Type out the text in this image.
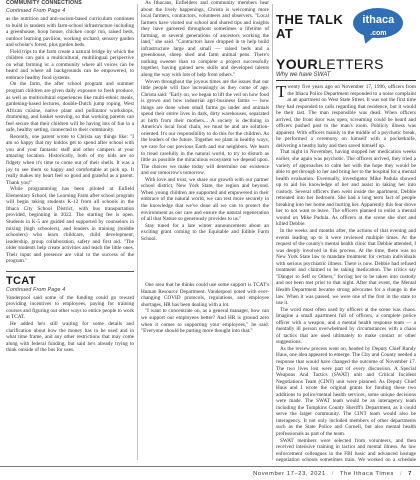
COMMUNITY CONNECTIONS
Continued From Page 4

as the nutrition and anti-racism-based curriculum continues to build in tandem with farm-school infrastructure including a greenhouse, hoop house, chicken coop/ run, raised beds, outdoor learning pavilion, working orchard, sensory garden and scholar's forest, plus garden beds.

Field trips to the farm create a natural bridge by which the children can gain a multicultural, multilingual perspective on what farming is: a community where all voices can be heard and where all backgrounds can be empowered, to embrace healthy food systems.

On the farm, the after school program and summer program children are given daily exposure to fresh produce, as well as multicultural experiences like multi-ethnic meals, gardening-based lectures, double-Dutch jump roping, West African cuisine, native plant and pollinator workshops, drumming, and basket weaving, so that working parents can feel secure that their children will be having lots of fun in a safe, healthy setting, connected to their community.

Recently, one parent wrote to Christa say things like: "I am so happy that my kiddos get to spend after school with you and your fantastic staff and other campers at your amazing location. Historically, both of my kids are so fidgety when it's time to come out of their shells. It was a joy to see them so happy and comfortable at pick up. It really makes my heart feel so good and grateful as a parent. Thank you!"

While programming has been piloted at Enfield Elementary School, the Learning Farm after school program will begin taking students K-12 from all schools in the Ithaca City School District, with bus transportation provided, beginning in 2022. The starting fee is open. Students in K-5 are guided and supported by counselors in mixing (high schoolers), and leaders in training (middle schoolers) who learn childcare, child development, leadership, group collaboration, safety and first aid. "The older students help create activities and teach the little ones. Their input and presence are vital to the success of the program."

TCAT
Continued From Page 4

Vanderpool said some of the funding could go toward providing incentives to employees, paying for training courses and figuring out other ways to entice people to work at TCAT.

He added he's still waiting for some details and clarification about how the money has to be used and in what time frame, and any other restrictions that may come along with federal funding, but said he's already trying to think outside of the bus for uses.

As Ithacans, Enfielders and community members hear about the lively happenings, Christa is welcoming more local farmers, contractors, volunteers and observers. "Local farmers have visited our school and shared tips and insights they have garnered throughout sometimes a lifetime of farming, or several generations of ancestors working the land," she said. "Contractors have dropped in to help build infrastructure large and small — raised beds and a greenhouse, sheep shed and farm animal pens. There's nothing sweeter than to complete a project successfully together, having gained new skills and developed talents along the way with lots of help from others."

Woven throughout the joyous times are the issues that our little people will face increasingly as they come of age. Christa said: "Early on, we began to lift the veil on how food is grown and how industrial agri-business farms — how things are done when small farms go under and animals spend their entire lives in dark, dirty warehouses, separated at birth from their mothers... A society is declining in America's local food chain, we must be and are solution-oriented. It's our responsibility to do this for the children. As the leaders of the future. Together we plant in healthy ways, we care for our precious Earth and our neighbors. We learn to tread carefully in the natural world, to try to disturb as little as possible the miraculous ecosystem we depend upon. The choices we make today will determine our existence and our tomorrow's tomorrow.

With love and trust, we share our growth with our partner school district, New York State, the region and beyond. When young children are supported and empowered in their embrace of the natural world, we can rest more securely in the knowledge that we've done all we can to protect the environment as our care and ensure the natural regeneration of all that Nature so generously provides to us."

Stay tuned for a late winter announcement about an exciting grant coming to the Equitable and Edible Farm School.

One area that he thinks could use some support is TCAT's Human Resource Department. Vanderpool noted with ever-changing COVID protocols, regulations, and employee shortages, HR has been dealing with a lot.

"I want to concentrate on, as a general manager, how can we support our employees better? And HR is ground zero when it comes to supporting your employees," he said. "Everyone should be putting more thought into that."

THE TALK
AT
ithaca
.com
YOURLETTERS
Why we have SWAT

Twenty five years ago on November 17, 1996, officers from the Ithaca Police Department responded to a noise complaint at an apartment on West State Street. It was not the first time they had responded to calls regarding that residence, but it would be their last. The man responsible was dead. When officers arrived, the front door was open, screaming could be heard and officers pushed past to the man's room. Publicly illness was apparent. With officers mainly in the middle of a psychotic break, he performed a ceremony on himself with a pocketknife, delivering a heathy baby and then saved himself up.

That night in November, having stopped her medication weeks earlier, she again was psychotic. The officers arrived, they tried a variety of approaches to calm her with the hope they would be able to get through to her and bring her to the hospital for a mental health evaluation. Eventually, investigator Mike Padula showed up to aid his knowledge of her and assist in taking her into custody. Several officers then went inside the apartment, Debbie retreated into her bedroom. She had a long term fact of people breaking into her home and hurting her. Apparently this fear drove her to not want to leave. The officers planned to enlist a mental wound on Mike Padula. As officers at the scene she shot and killed Debbie.

In the weeks and months after, the actions of that evening and events leading up to it were reviewed multiple times. At the request of the county's mental health clinic that Debbie attended, I was deeply involved in this process. At the time, there was no New York State law to mandate treatment for certain individuals with serious psychiatric illness. There is now. Debbie had refused treatment and claimed to be taking medication. The critics say "Danger to Self or Others," forcing her to be taken into custody and not been met prior to that night. After that event, the Mental Health Department became strong advocates for a change in the law. When it was passed, we were one of the first in the state to use it.

The word most often used by officers at the scene was chaos. Imagine a small apartment full of officers, a complete police officer with a weapon, and a mental health response team — a mentally ill person overwhelmed by circumstances with a chaos of tactics that are used ultimately to make contact or other suggestions.

As the review process went on, headed by Deputy Chief Randy Haus, one idea appeared to emerge. The City and County needed a response that would have changed the outcome of November 17. The two lives lost were part of every discussion. A Special Weapons And Tactics (SWAT) unit and Critical Incident Negotiations Team (CINT) unit were planned. As Deputy Chief Haus and I wrote the original grants for funding these two additions to police/mental health services, some unique decisions were made. The SWAT team would be an interagency team including the Tompkins County Sheriff's Department, as it could serve the larger community. The CINT team would also be interagency. It not only included members of other departments such as the State Police and Cornell, but also mental health professionals as part of the team.

SWAT members were selected from volunteers, and then received intensive training in tactics and mental illness. As law enforcement colleagues in the FBI basic and advanced hostage negotiation schools sometimes train. We worked on a schedule

November 17–23, 2021 / The Ithaca Times / 7
